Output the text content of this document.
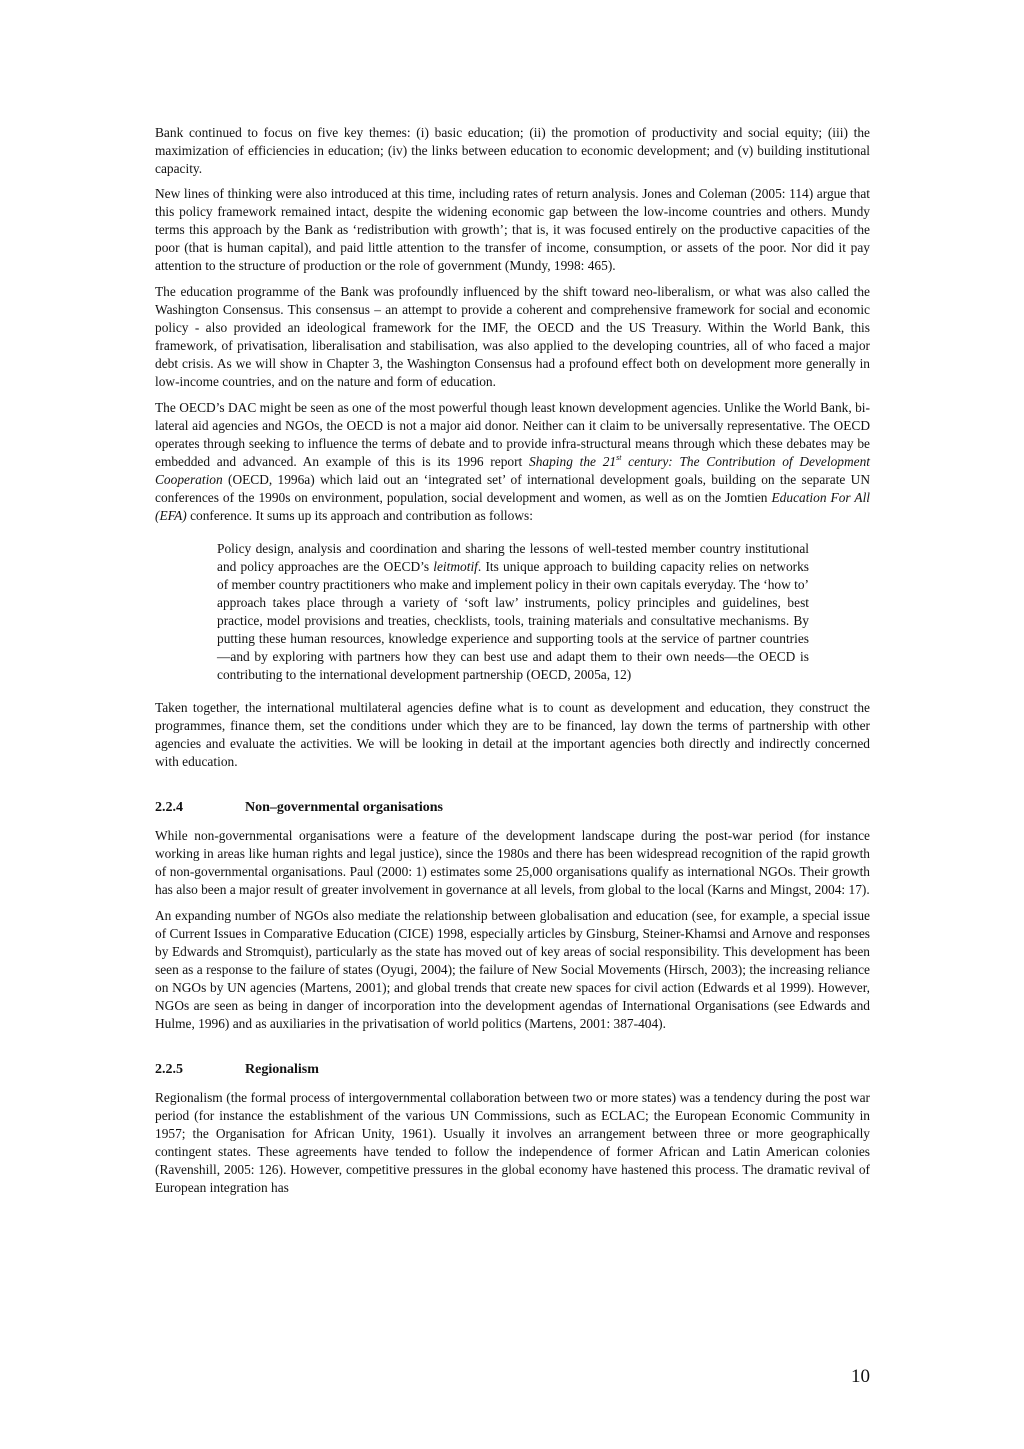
Bank continued to focus on five key themes: (i) basic education; (ii) the promotion of productivity and social equity; (iii) the maximization of efficiencies in education; (iv) the links between education to economic development; and (v) building institutional capacity.

New lines of thinking were also introduced at this time, including rates of return analysis. Jones and Coleman (2005: 114) argue that this policy framework remained intact, despite the widening economic gap between the low-income countries and others. Mundy terms this approach by the Bank as ‘redistribution with growth’; that is, it was focused entirely on the productive capacities of the poor (that is human capital), and paid little attention to the transfer of income, consumption, or assets of the poor. Nor did it pay attention to the structure of production or the role of government (Mundy, 1998: 465).

The education programme of the Bank was profoundly influenced by the shift toward neo-liberalism, or what was also called the Washington Consensus. This consensus – an attempt to provide a coherent and comprehensive framework for social and economic policy - also provided an ideological framework for the IMF, the OECD and the US Treasury. Within the World Bank, this framework, of privatisation, liberalisation and stabilisation, was also applied to the developing countries, all of who faced a major debt crisis. As we will show in Chapter 3, the Washington Consensus had a profound effect both on development more generally in low-income countries, and on the nature and form of education.

The OECD’s DAC might be seen as one of the most powerful though least known development agencies. Unlike the World Bank, bi-lateral aid agencies and NGOs, the OECD is not a major aid donor. Neither can it claim to be universally representative. The OECD operates through seeking to influence the terms of debate and to provide infra-structural means through which these debates may be embedded and advanced. An example of this is its 1996 report Shaping the 21st century: The Contribution of Development Cooperation (OECD, 1996a) which laid out an ‘integrated set’ of international development goals, building on the separate UN conferences of the 1990s on environment, population, social development and women, as well as on the Jomtien Education For All (EFA) conference. It sums up its approach and contribution as follows:

Policy design, analysis and coordination and sharing the lessons of well-tested member country institutional and policy approaches are the OECD’s leitmotif. Its unique approach to building capacity relies on networks of member country practitioners who make and implement policy in their own capitals everyday. The ‘how to’ approach takes place through a variety of ‘soft law’ instruments, policy principles and guidelines, best practice, model provisions and treaties, checklists, tools, training materials and consultative mechanisms. By putting these human resources, knowledge experience and supporting tools at the service of partner countries—and by exploring with partners how they can best use and adapt them to their own needs—the OECD is contributing to the international development partnership (OECD, 2005a, 12)

Taken together, the international multilateral agencies define what is to count as development and education, they construct the programmes, finance them, set the conditions under which they are to be financed, lay down the terms of partnership with other agencies and evaluate the activities. We will be looking in detail at the important agencies both directly and indirectly concerned with education.

2.2.4	Non–governmental organisations

While non-governmental organisations were a feature of the development landscape during the post-war period (for instance working in areas like human rights and legal justice), since the 1980s and there has been widespread recognition of the rapid growth of non-governmental organisations. Paul (2000: 1) estimates some 25,000 organisations qualify as international NGOs. Their growth has also been a major result of greater involvement in governance at all levels, from global to the local (Karns and Mingst, 2004: 17).

An expanding number of NGOs also mediate the relationship between globalisation and education (see, for example, a special issue of Current Issues in Comparative Education (CICE) 1998, especially articles by Ginsburg, Steiner-Khamsi and Arnove and responses by Edwards and Stromquist), particularly as the state has moved out of key areas of social responsibility. This development has been seen as a response to the failure of states (Oyugi, 2004); the failure of New Social Movements (Hirsch, 2003); the increasing reliance on NGOs by UN agencies (Martens, 2001); and global trends that create new spaces for civil action (Edwards et al 1999). However, NGOs are seen as being in danger of incorporation into the development agendas of International Organisations (see Edwards and Hulme, 1996) and as auxiliaries in the privatisation of world politics (Martens, 2001: 387-404).

2.2.5	Regionalism

Regionalism (the formal process of intergovernmental collaboration between two or more states) was a tendency during the post war period (for instance the establishment of the various UN Commissions, such as ECLAC; the European Economic Community in 1957; the Organisation for African Unity, 1961). Usually it involves an arrangement between three or more geographically contingent states. These agreements have tended to follow the independence of former African and Latin American colonies (Ravenshill, 2005: 126). However, competitive pressures in the global economy have hastened this process. The dramatic revival of European integration has

10
